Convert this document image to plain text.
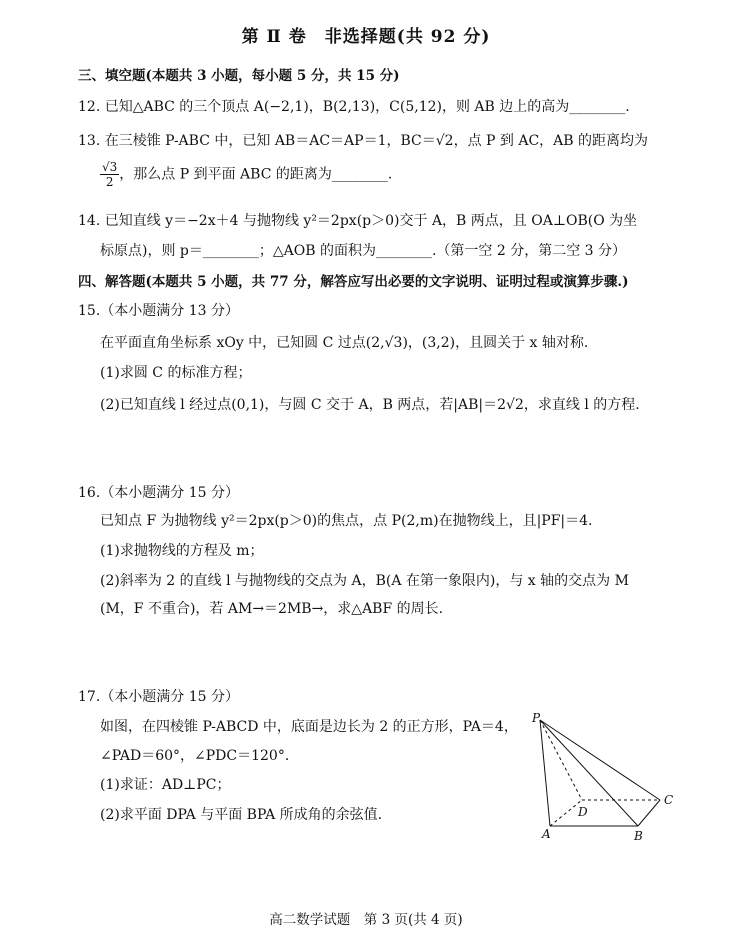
第 Ⅱ 卷　非选择题(共 92 分)
三、填空题(本题共 3 小题，每小题 5 分，共 15 分)
12. 已知△ABC 的三个顶点 A(−2,1)，B(2,13)，C(5,12)，则 AB 边上的高为________.
13. 在三棱锥 P-ABC 中，已知 AB＝AC＝AP＝1，BC＝√2，点 P 到 AC，AB 的距离均为
$\frac{√3}{2}$ ，那么点 P 到平面 ABC 的距离为________.
14. 已知直线 y＝−2x＋4 与抛物线 y²＝2px(p＞0)交于 A，B 两点，且 OA⊥OB(O 为坐
标原点)，则 p＝________；△AOB 的面积为________.（第一空 2 分，第二空 3 分）
四、解答题(本题共 5 小题，共 77 分，解答应写出必要的文字说明、证明过程或演算步骤.)
15.（本小题满分 13 分）
在平面直角坐标系 xOy 中，已知圆 C 过点(2,√3)，(3,2)，且圆关于 x 轴对称.
(1)求圆 C 的标准方程；
(2)已知直线 l 经过点(0,1)，与圆 C 交于 A，B 两点，若|AB|＝2√2，求直线 l 的方程.
16.（本小题满分 15 分）
已知点 F 为抛物线 y²＝2px(p＞0)的焦点，点 P(2,m)在抛物线上，且|PF|＝4.
(1)求抛物线的方程及 m；
(2)斜率为 2 的直线 l 与抛物线的交点为 A，B(A 在第一象限内)，与 x 轴的交点为 M
(M，F 不重合)，若 AM→＝2MB→，求△ABF 的周长.
17.（本小题满分 15 分）
如图，在四棱锥 P-ABCD 中，底面是边长为 2 的正方形，PA＝4，
∠PAD＝60°，∠PDC＝120°.
(1)求证：AD⊥PC；
(2)求平面 DPA 与平面 BPA 所成角的余弦值.
P
A	B
C
D
高二数学试题　第 3 页(共 4 页)
